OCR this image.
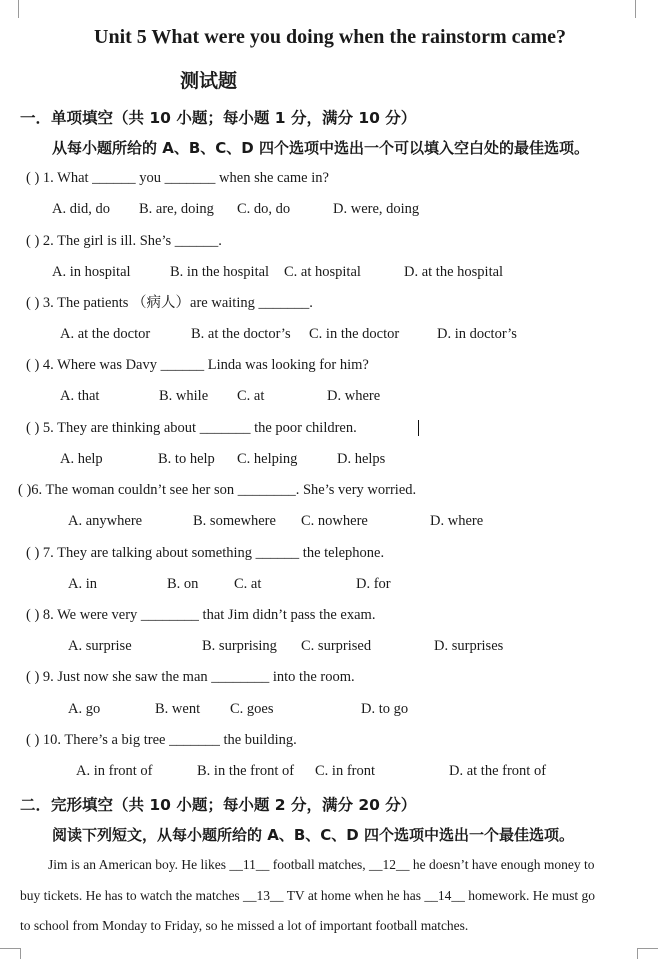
Unit 5 What were you doing when the rainstorm came?
测试题
一．单项填空（共 10 小题；每小题 1 分，满分 10 分）
从每小题所给的 A、B、C、D 四个选项中选出一个可以填入空白处的最佳选项。
( ) 1. What ______ you _______ when she came in?
A. did, do B. are, doing C. do, do	D. were, doing
( ) 2. The girl is ill. She’s ______.
A. in hospital	B. in the hospital C. at hospital	D. at the hospital
( ) 3. The patients （病人）are waiting _______.
A. at the doctor	B. at the doctor’s C. in the doctor	D. in doctor’s
( ) 4. Where was Davy ______ Linda was looking for him?
A. that	B. while C. at	D. where
( ) 5. They are thinking about _______ the poor children.
A. help	B. to help C. helping	D. helps
( )6. The woman couldn’t see her son ________. She’s very worried.
A. anywhere	B. somewhere C. nowhere	D. where
( ) 7. They are talking about something ______ the telephone.
A. in	B. on C. at	D. for
( ) 8. We were very ________ that Jim didn’t pass the exam.
A. surprise	B. surprising C. surprised	D. surprises
( ) 9. Just now she saw the man ________ into the room.
A. go	B. went C. goes	D. to go
( ) 10. There’s a big tree _______ the building.
A. in front of	B. in the front of C. in front	D. at the front of
二．完形填空（共 10 小题；每小题 2 分，满分 20 分）
阅读下列短文，从每小题所给的 A、B、C、D 四个选项中选出一个最佳选项。
Jim is an American boy. He likes __11__ football matches, __12__ he doesn’t have enough money to
buy tickets. He has to watch the matches __13__ TV at home when he has __14__ homework. He must go
to school from Monday to Friday, so he missed a lot of important football matches.
